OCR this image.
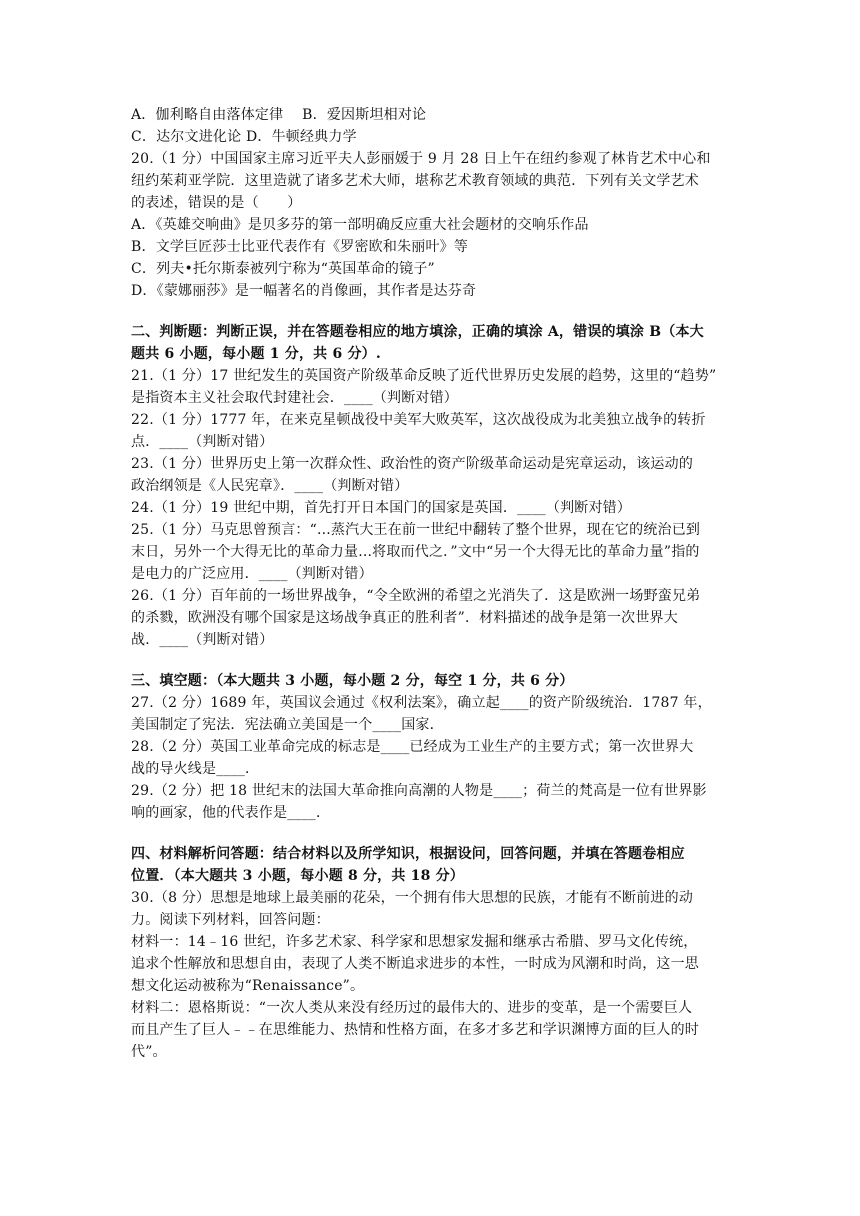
A．伽利略自由落体定律　 B．爱因斯坦相对论
C．达尔文进化论 D．牛顿经典力学
20.（1 分）中国国家主席习近平夫人彭丽媛于 9 月 28 日上午在纽约参观了林肯艺术中心和
纽约茱莉亚学院．这里造就了诸多艺术大师，堪称艺术教育领域的典范．下列有关文学艺术
的表述，错误的是（　　）
A．《英雄交响曲》是贝多芬的第一部明确反应重大社会题材的交响乐作品
B．文学巨匠莎士比亚代表作有《罗密欧和朱丽叶》等
C．列夫•托尔斯泰被列宁称为“英国革命的镜子”
D．《蒙娜丽莎》是一幅著名的肖像画，其作者是达芬奇
二、判断题：判断正误，并在答题卷相应的地方填涂，正确的填涂 A，错误的填涂 B（本大
题共 6 小题，每小题 1 分，共 6 分）.
21.（1 分）17 世纪发生的英国资产阶级革命反映了近代世界历史发展的趋势，这里的“趋势”
是指资本主义社会取代封建社会．____（判断对错）
22.（1 分）1777 年，在来克星顿战役中美军大败英军，这次战役成为北美独立战争的转折
点．____（判断对错）
23.（1 分）世界历史上第一次群众性、政治性的资产阶级革命运动是宪章运动，该运动的
政治纲领是《人民宪章》．____（判断对错）
24.（1 分）19 世纪中期，首先打开日本国门的国家是英国．____（判断对错）
25.（1 分）马克思曾预言：“...蒸汽大王在前一世纪中翻转了整个世界，现在它的统治已到
末日，另外一个大得无比的革命力量...将取而代之．”文中“另一个大得无比的革命力量”指的
是电力的广泛应用．____（判断对错）
26.（1 分）百年前的一场世界战争，“令全欧洲的希望之光消失了．这是欧洲一场野蛮兄弟
的杀戮，欧洲没有哪个国家是这场战争真正的胜利者”．材料描述的战争是第一次世界大
战．____（判断对错）
三、填空题：（本大题共 3 小题，每小题 2 分，每空 1 分，共 6 分）
27.（2 分）1689 年，英国议会通过《权利法案》，确立起____的资产阶级统治．1787 年，
美国制定了宪法．宪法确立美国是一个____国家．
28.（2 分）英国工业革命完成的标志是____已经成为工业生产的主要方式；第一次世界大
战的导火线是____．
29.（2 分）把 18 世纪末的法国大革命推向高潮的人物是____；荷兰的梵高是一位有世界影
响的画家，他的代表作是____．
四、材料解析问答题：结合材料以及所学知识，根据设问，回答问题，并填在答题卷相应
位置．（本大题共 3 小题，每小题 8 分，共 18 分）
30.（8 分）思想是地球上最美丽的花朵，一个拥有伟大思想的民族，才能有不断前进的动
力。阅读下列材料，回答问题：
材料一：14﹣16 世纪，许多艺术家、科学家和思想家发掘和继承古希腊、罗马文化传统，
追求个性解放和思想自由，表现了人类不断追求进步的本性，一时成为风潮和时尚，这一思
想文化运动被称为“Renaissance”。
材料二：恩格斯说：“一次人类从来没有经历过的最伟大的、进步的变革，是一个需要巨人
而且产生了巨人﹣﹣在思维能力、热情和性格方面，在多才多艺和学识渊博方面的巨人的时
代”。
